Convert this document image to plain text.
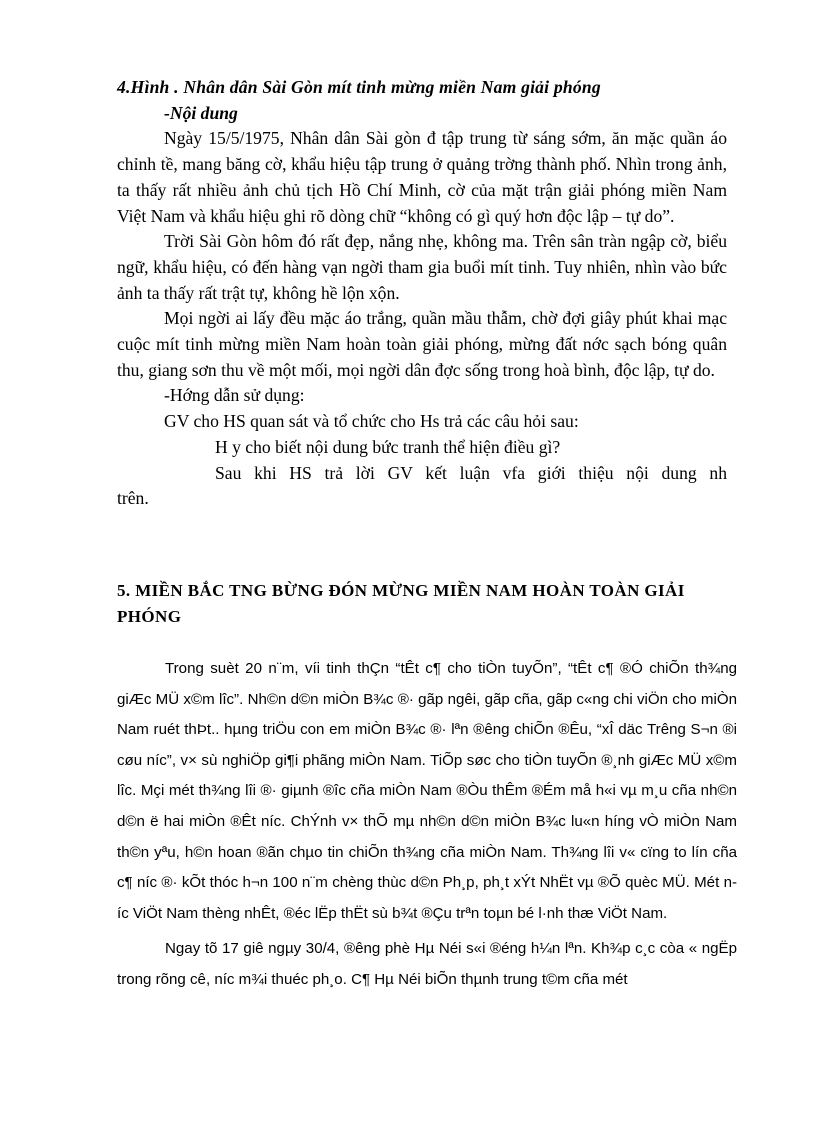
4.Hình . Nhân dân Sài Gòn mít tinh mừng miền Nam giải phóng

-Nội dung

Ngày 15/5/1975, Nhân dân Sài gòn đ tập trung từ sáng sớm, ăn mặc quần áo chỉnh tề, mang băng cờ, khẩu hiệu tập trung ở quảng trờng thành phố. Nhìn trong ảnh, ta thấy rất nhiều ảnh chủ tịch Hồ Chí Minh, cờ của mặt trận giải phóng miền Nam Việt Nam và khẩu hiệu ghi rõ dòng chữ “không có gì quý hơn độc lập – tự do”.

Trời Sài Gòn hôm đó rất đẹp, nắng nhẹ, không ma. Trên sân tràn ngập cờ, biểu ngữ, khẩu hiệu, có đến hàng vạn ngời tham gia buổi mít tinh. Tuy nhiên, nhìn vào bức ảnh ta thấy rất trật tự, không hề lộn xộn.

Mọi ngời ai lấy đều mặc áo trắng, quần mầu thẫm, chờ đợi giây phút khai mạc cuộc mít tinh mừng miền Nam hoàn toàn giải phóng, mừng đất nớc sạch bóng quân thu, giang sơn thu về một mối, mọi ngời dân đợc sống trong hoà bình, độc lập, tự do.

-Hớng dẫn sử dụng:

GV cho HS quan sát và tổ chức cho Hs trả các câu hỏi sau:

H y cho biết nội dung bức tranh thể hiện điều gì?

Sau khi HS trả lời GV kết luận vfa giới thiệu nội dung nh

trên.

5. MIỀN BẮC TNG BỪNG ĐÓN MỪNG MIỀN NAM HOÀN TOÀN GIẢI PHÓNG

Trong suèt 20 n¨m, víi tinh thÇn “tÊt c¶ cho tiÒn tuyÕn”, “tÊt c¶ ®Ó chiÕn th¾ng giÆc MÜ x©m lîc”. Nh©n d©n miÒn B¾c ®· gãp ngêi, gãp cña, gãp c«ng chi viÖn cho miÒn Nam ruét thÞt.. hµng triÖu con em miÒn B¾c ®· lªn ®êng chiÕn ®Êu, “xÎ däc Trêng S¬n ®i cøu níc”, v× sù nghiÖp gi¶i phãng miÒn Nam. TiÕp søc cho tiÒn tuyÕn ®¸nh giÆc MÜ x©m lîc. Mçi mét th¾ng lîi ®· giµnh ®îc cña miÒn Nam ®Òu thÊm ®Ém må h«i vµ m¸u cña nh©n d©n ë hai miÒn ®Êt níc. ChÝnh v× thÕ mµ nh©n d©n miÒn B¾c lu«n híng vÒ miÒn Nam th©n yªu, h©n hoan ®ãn chµo tin chiÕn th¾ng cña miÒn Nam. Th¾ng lîi v« cïng to lín cña c¶ níc ®· kÕt thóc h¬n 100 n¨m chèng thùc d©n Ph¸p, ph¸t xÝt NhËt vµ ®Õ quèc MÜ. Mét níc ViÖt Nam thèng nhÊt, ®éc lËp thËt sù b¾t ®Çu trªn toµn bé l·nh thæ ViÖt Nam.

Ngay tõ 17 giê ngµy 30/4, ®êng phè Hµ Néi s«i ®éng h¼n lªn. Kh¾p c¸c còa « ngËp trong rõng cê, níc m¾i thuéc ph¸o. C¶ Hµ Néi biÕn thµnh trung t©m cña mét
